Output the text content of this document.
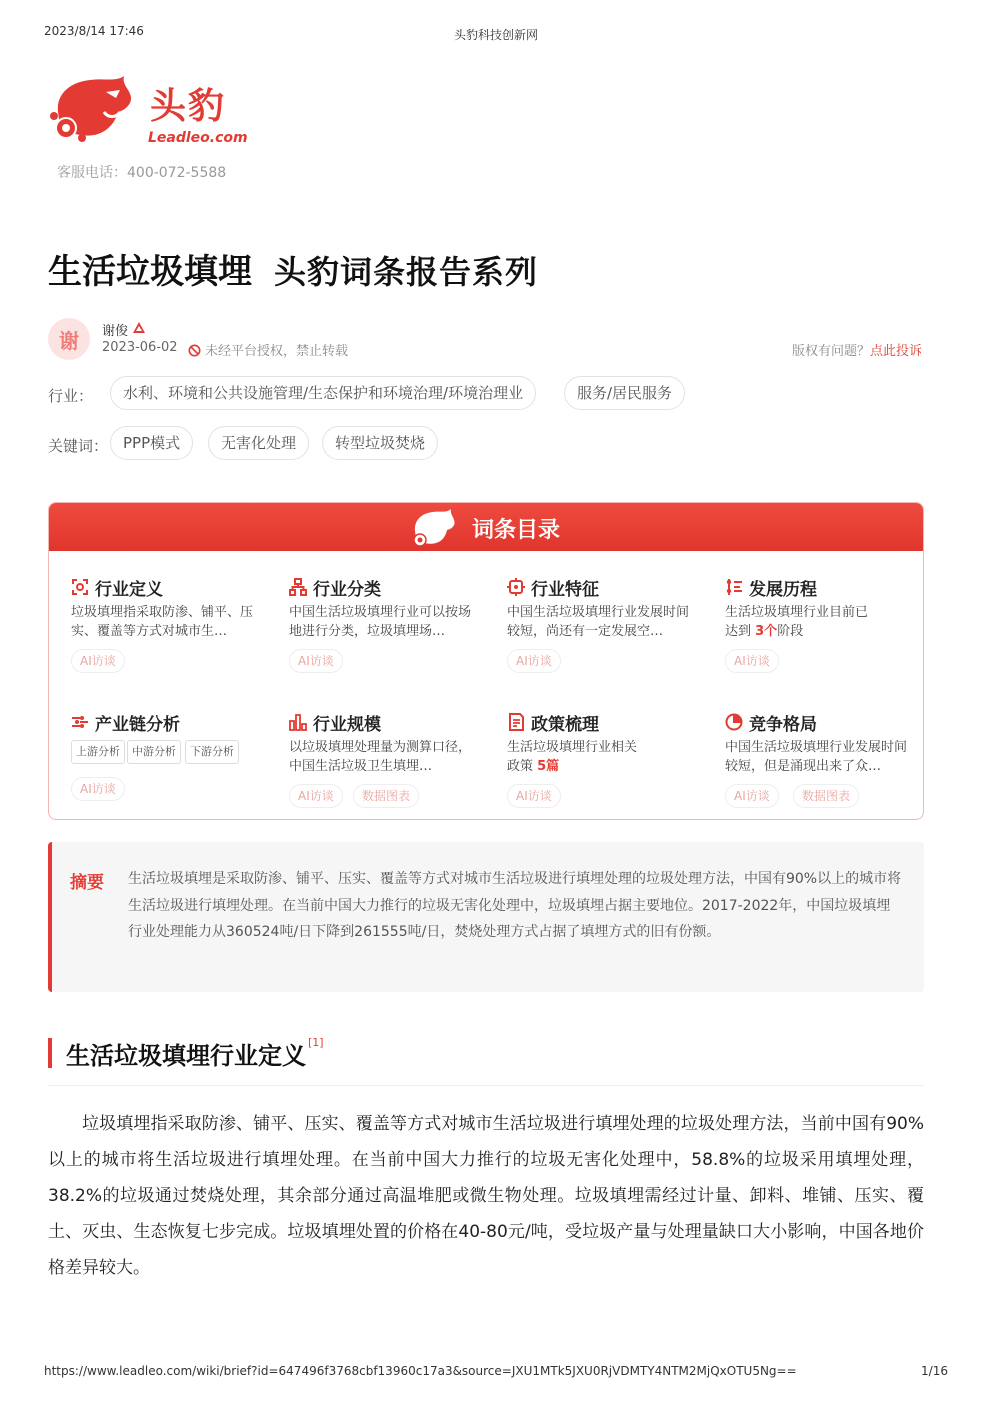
2023/8/14 17:46	头豹科技创新网
头豹
Leadleo.com
客服电话：400-072-5588
生活垃圾填埋 头豹词条报告系列
谢	谢俊
2023-06-02	未经平台授权，禁止转载	版权有问题？点此投诉
行业：	水利、环境和公共设施管理/生态保护和环境治理/环境治理业	服务/居民服务
关键词： PPP模式	无害化处理	转型垃圾焚烧
词条目录
行业定义
垃圾填埋指采取防渗、铺平、压实、覆盖等方式对城市生…
AI访谈
行业分类
中国生活垃圾填埋行业可以按场地进行分类，垃圾填埋场…
AI访谈
行业特征
中国生活垃圾填埋行业发展时间较短，尚还有一定发展空…
AI访谈
发展历程
生活垃圾填埋行业目前已达到 3个阶段
AI访谈
产业链分析
上游分析	中游分析	下游分析
AI访谈
行业规模
以垃圾填埋处理量为测算口径，中国生活垃圾卫生填埋…
AI访谈	数据图表
政策梳理
生活垃圾填埋行业相关政策 5篇
AI访谈
竞争格局
中国生活垃圾填埋行业发展时间较短，但是涌现出来了众…
AI访谈	数据图表
摘要 生活垃圾填埋是采取防渗、铺平、压实、覆盖等方式对城市生活垃圾进行填埋处理的垃圾处理方法，中国有90%以上的城市将生活垃圾进行填埋处理。在当前中国大力推行的垃圾无害化处理中，垃圾填埋占据主要地位。2017-2022年，中国垃圾填埋行业处理能力从360524吨/日下降到261555吨/日，焚烧处理方式占据了填埋方式的旧有份额。
生活垃圾填埋行业定义 [1]

垃圾填埋指采取防渗、铺平、压实、覆盖等方式对城市生活垃圾进行填埋处理的垃圾处理方法，当前中国有90%以上的城市将生活垃圾进行填埋处理。在当前中国大力推行的垃圾无害化处理中，58.8%的垃圾采用填埋处理，38.2%的垃圾通过焚烧处理，其余部分通过高温堆肥或微生物处理。垃圾填埋需经过计量、卸料、堆铺、压实、覆土、灭虫、生态恢复七步完成。垃圾填埋处置的价格在40-80元/吨，受垃圾产量与处理量缺口大小影响，中国各地价格差异较大。

https://www.leadleo.com/wiki/brief?id=647496f3768cbf13960c17a3&source=JXU1MTk5JXU0RjVDMTY4NTM2MjQxOTU5Ng==	1/16
